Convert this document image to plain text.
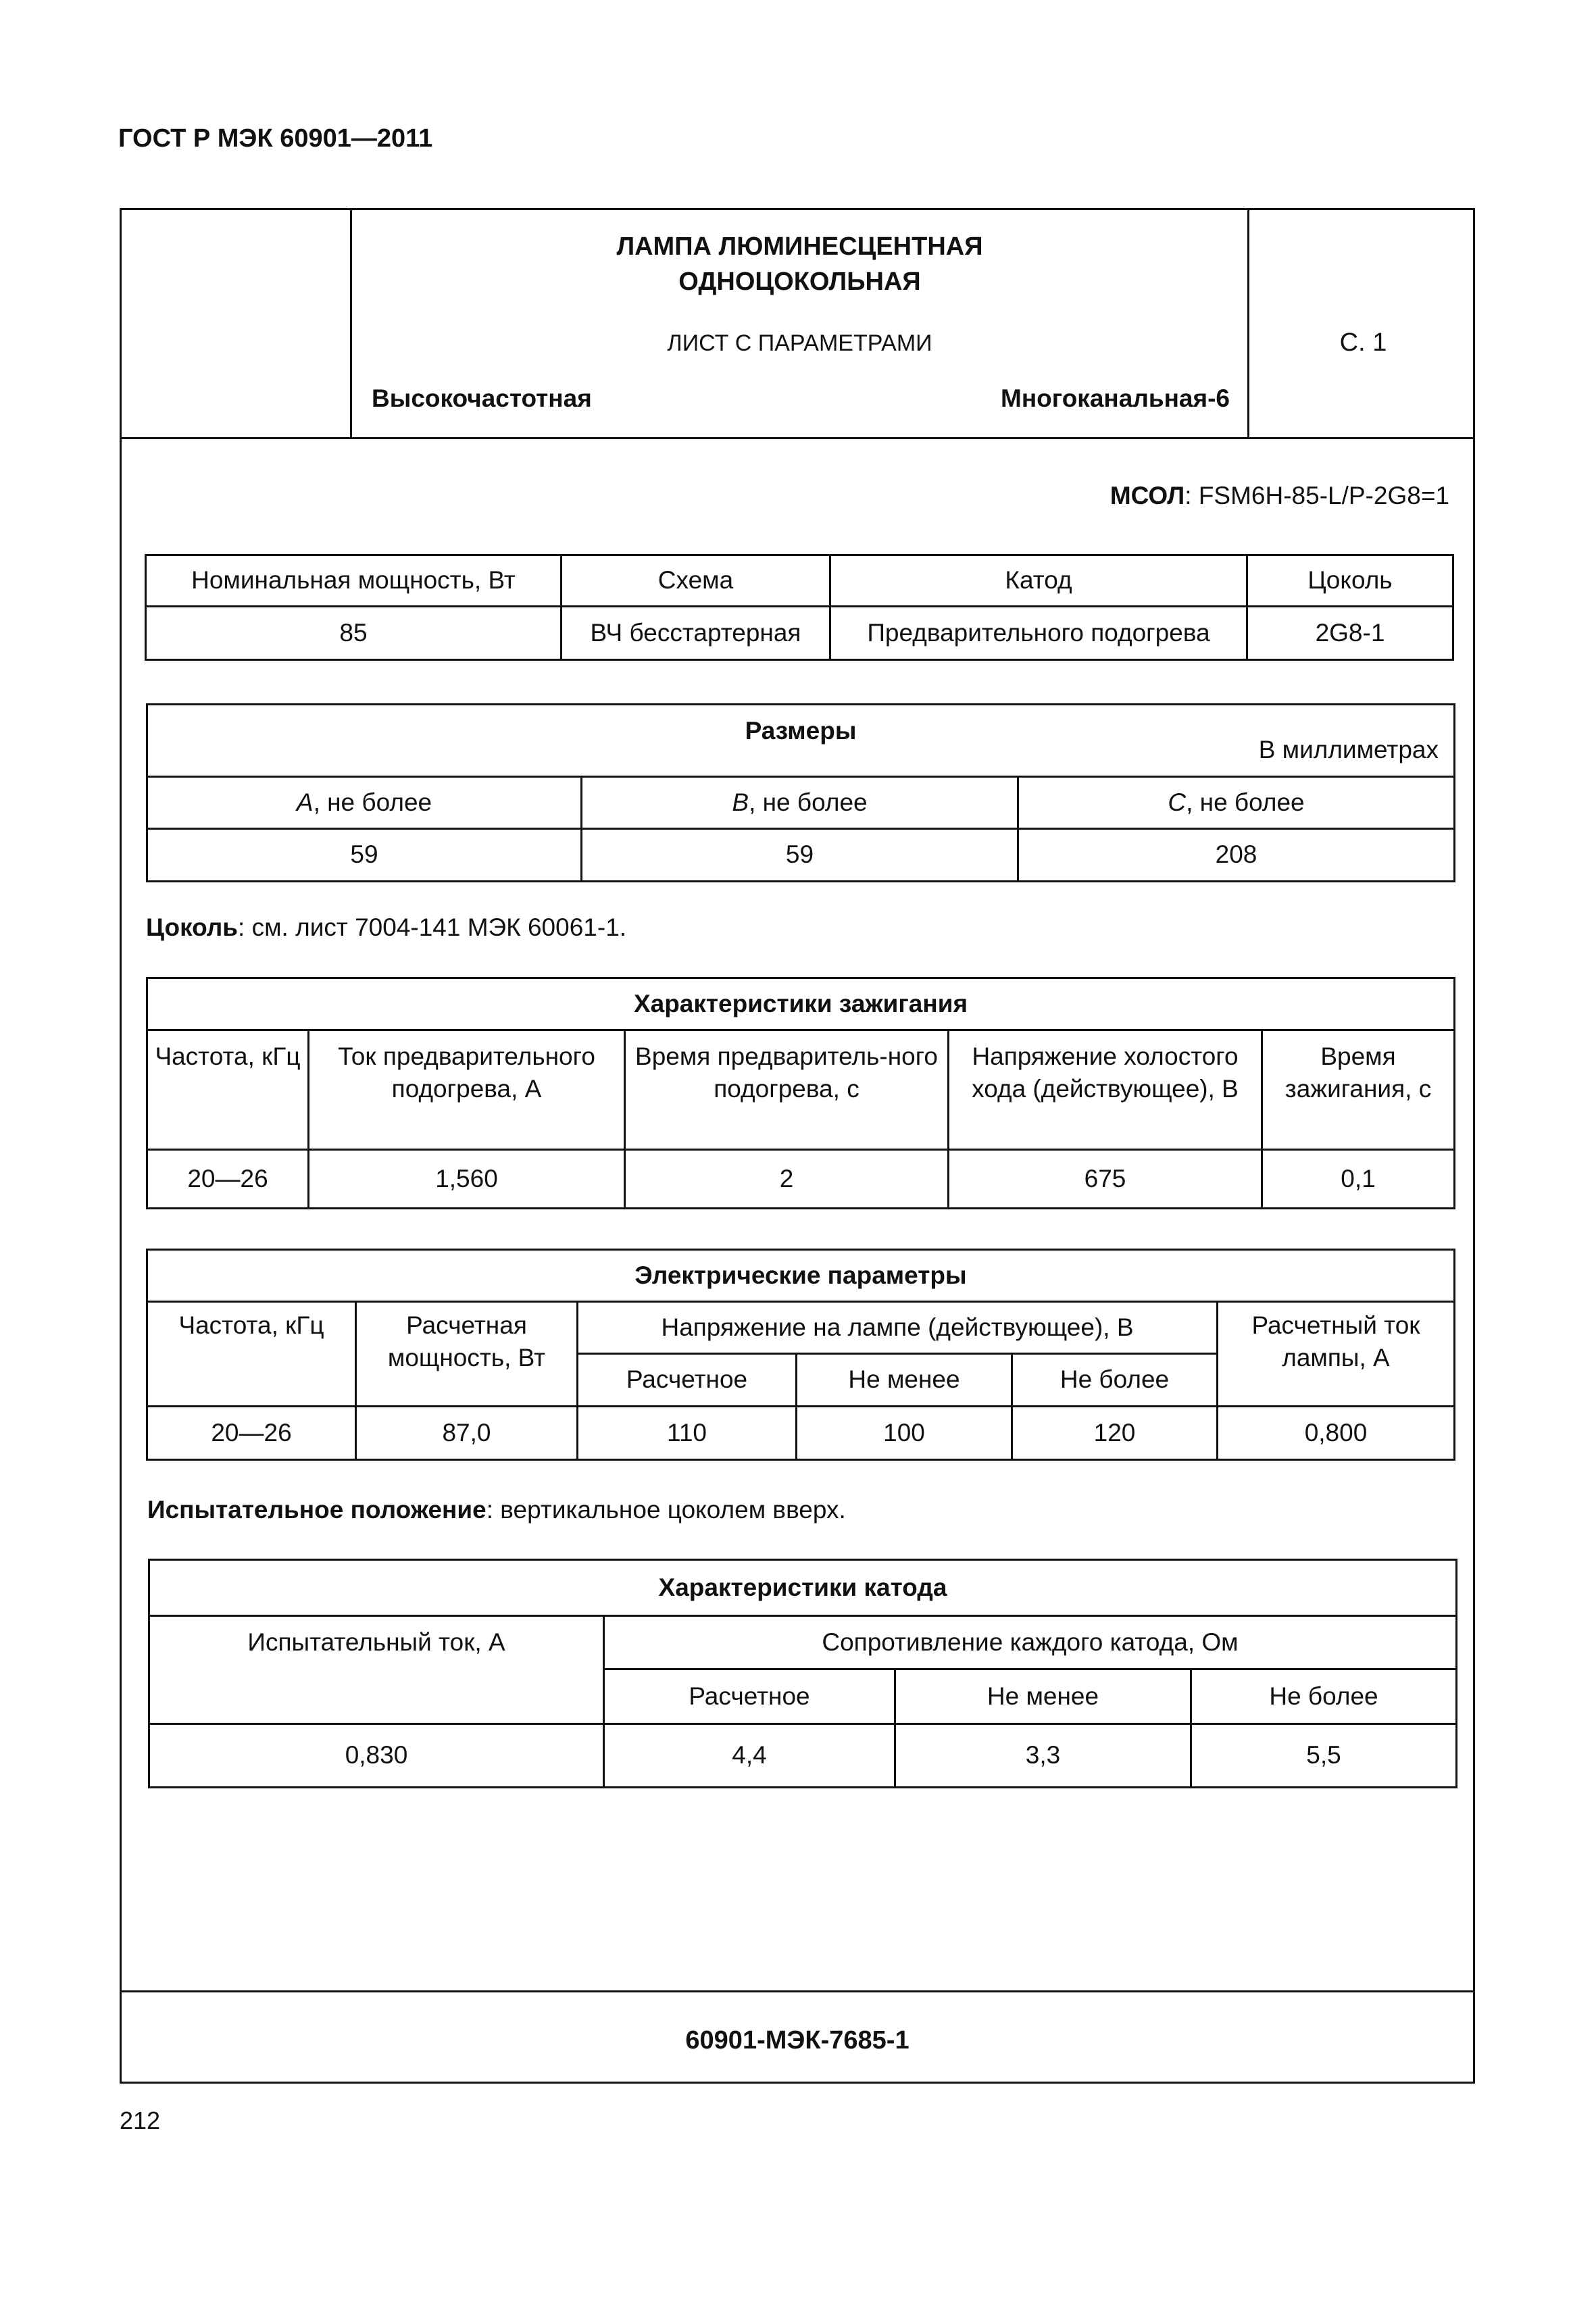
ГОСТ Р МЭК 60901—2011
ЛАМПА ЛЮМИНЕСЦЕНТНАЯ
ОДНОЦОКОЛЬНАЯ
ЛИСТ С ПАРАМЕТРАМИ
Высокочастотная	Многоканальная-6
С. 1
60901-МЭК-7685-1
МСОЛ: FSM6H-85-L/P-2G8=1
Номинальная мощность, Вт	Схема	Катод	Цоколь
85	ВЧ бесстартерная	Предварительного подогрева	2G8-1
Размеры
В миллиметрах		

A, не более	B, не более	C, не более
59	59	208
Цоколь: см. лист 7004-141 МЭК 60061-1.
Характеристики зажигания				
Частота, кГц	Ток предварительного подогрева, А	Время предваритель-ного подогрева, с	Напряжение холостого хода (действующее), В	Время зажигания, с
20—26	1,560	2	675	0,1
Электрические параметры					
Частота, кГц	Расчетная мощность, Вт	Напряжение на лампе (действующее), В			Расчетный ток лампы, А
		Расчетное	Не менее	Не более	
20—26	87,0	110	100	120	0,800
Испытательное положение: вертикальное цоколем вверх.
Характеристики катода			
Испытательный ток, А	Сопротивление каждого катода, Ом		
	Расчетное	Не менее	Не более
0,830	4,4	3,3	5,5
212
